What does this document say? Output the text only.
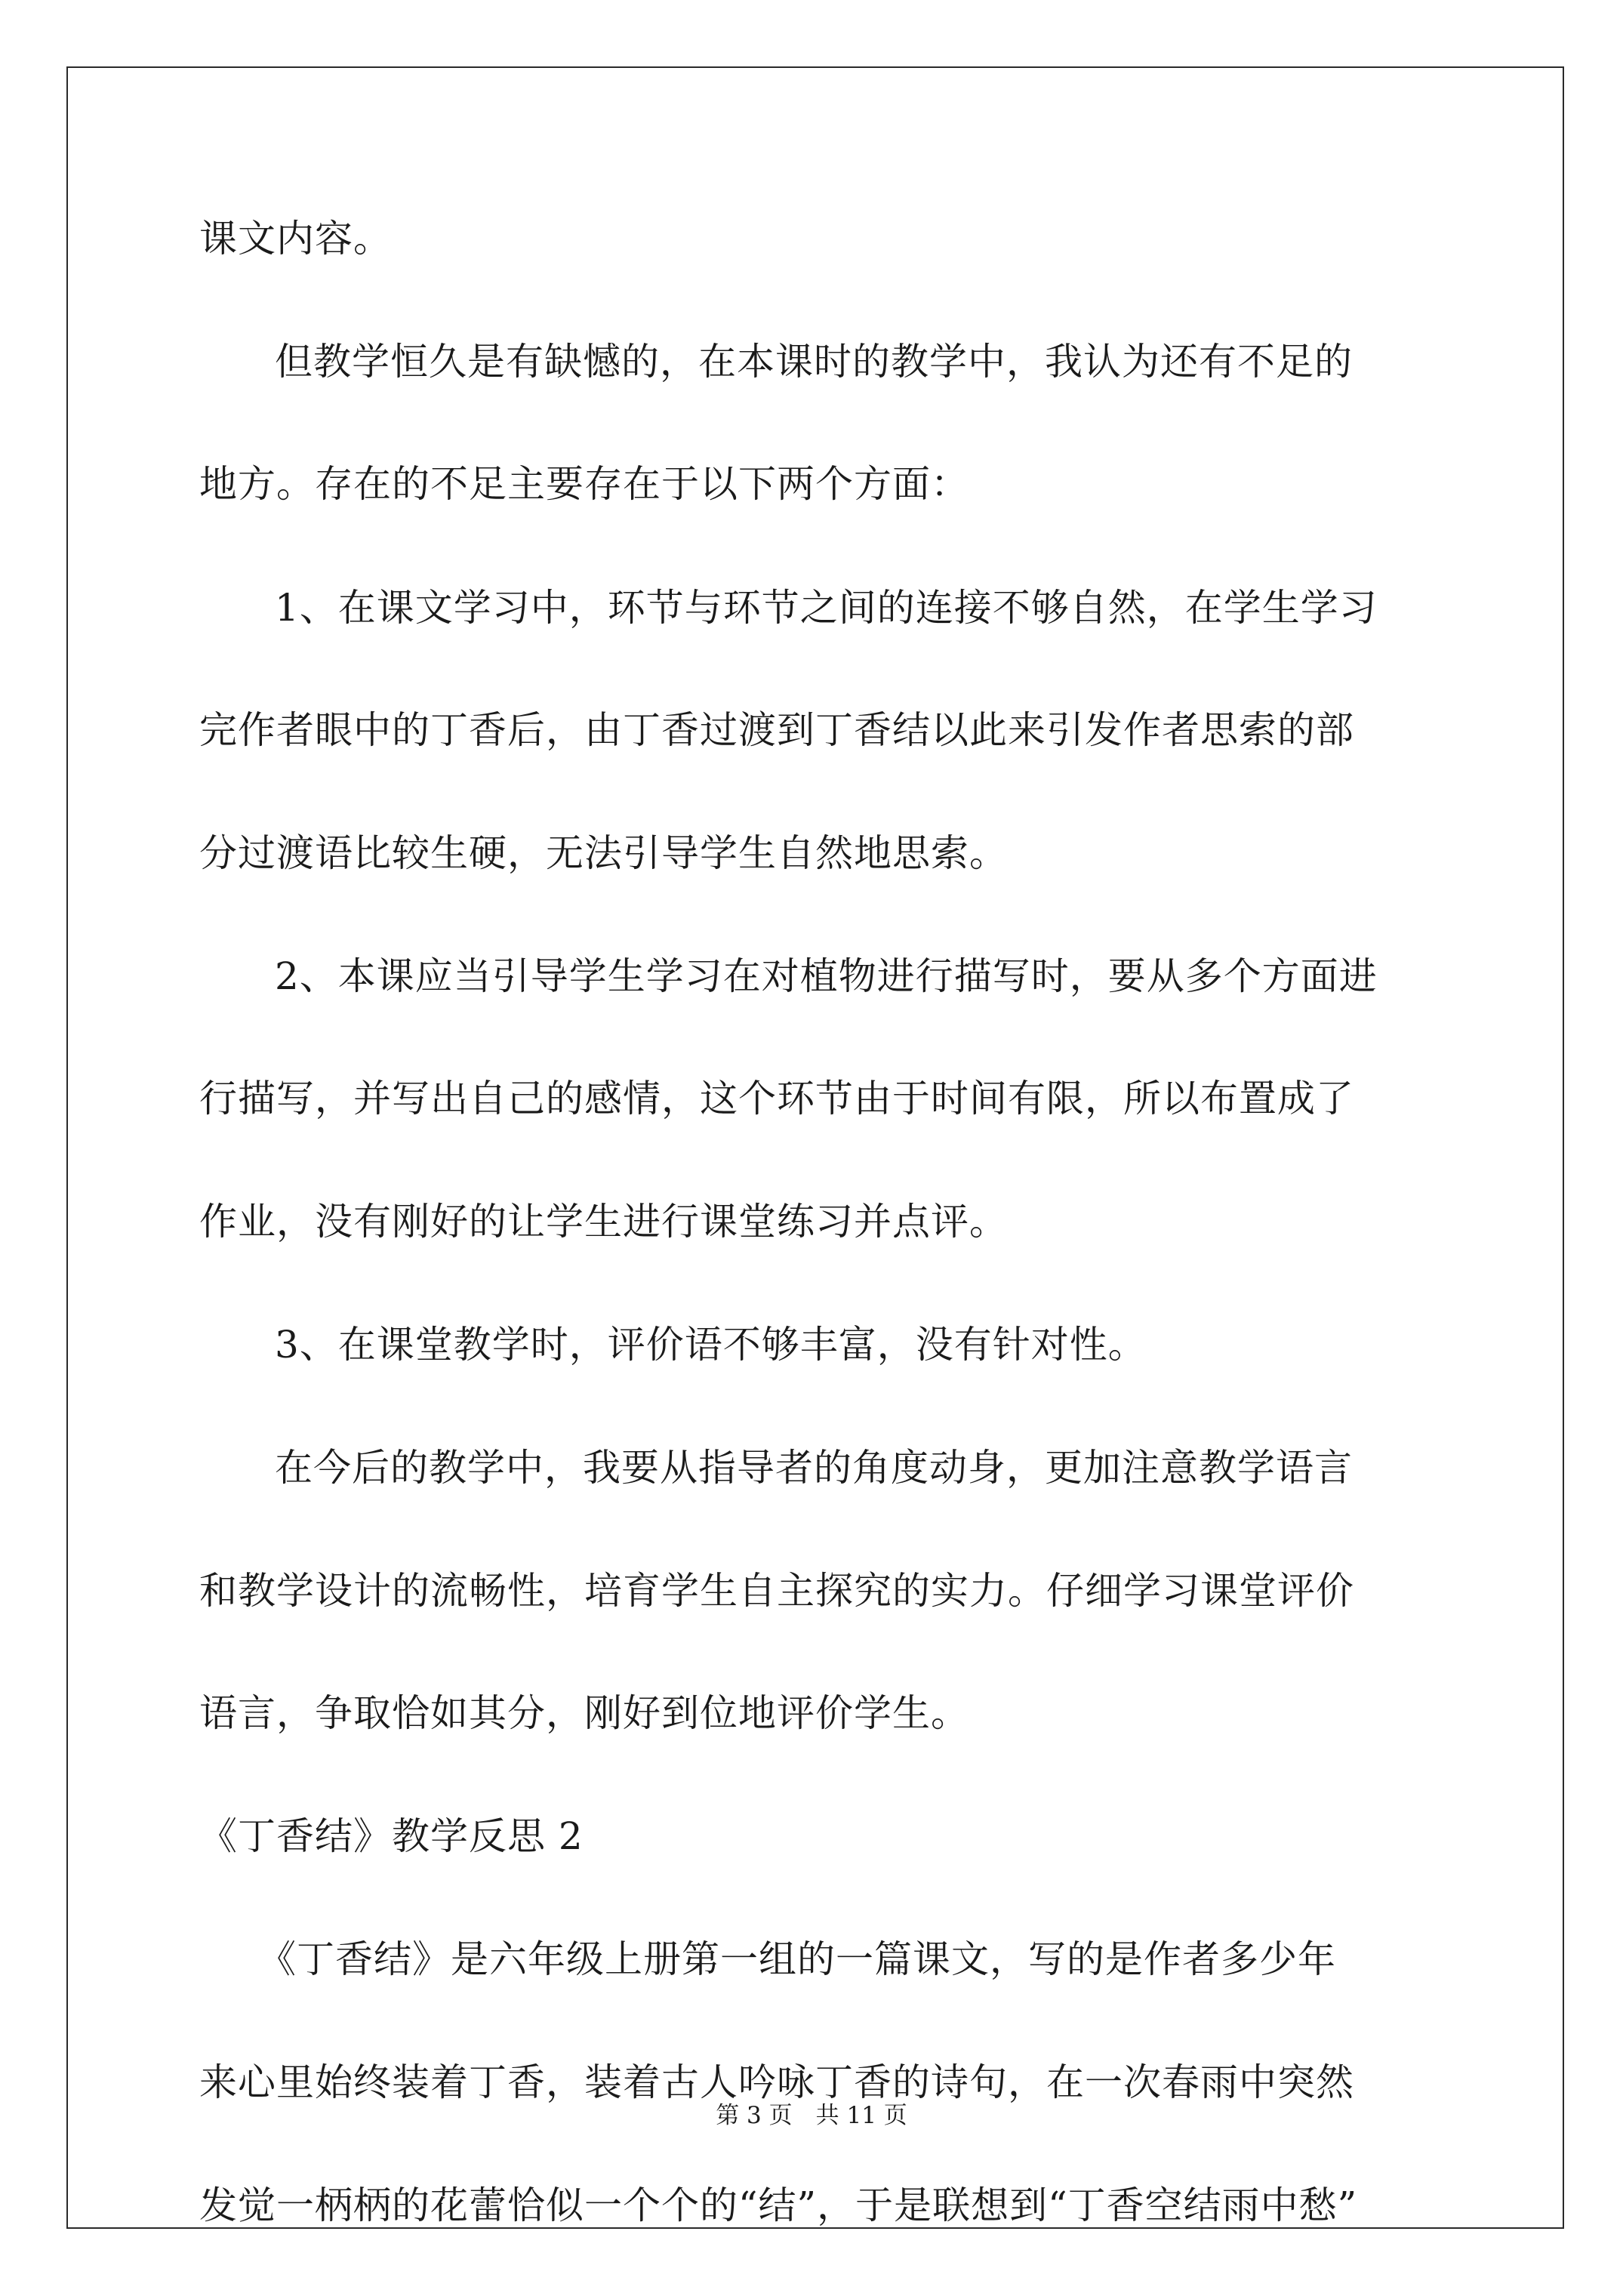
课文内容。
但教学恒久是有缺憾的，在本课时的教学中，我认为还有不足的
地方。存在的不足主要存在于以下两个方面：
1、在课文学习中，环节与环节之间的连接不够自然，在学生学习
完作者眼中的丁香后，由丁香过渡到丁香结以此来引发作者思索的部
分过渡语比较生硬，无法引导学生自然地思索。
2、本课应当引导学生学习在对植物进行描写时，要从多个方面进
行描写，并写出自己的感情，这个环节由于时间有限，所以布置成了
作业，没有刚好的让学生进行课堂练习并点评。
3、在课堂教学时，评价语不够丰富，没有针对性。
在今后的教学中，我要从指导者的角度动身，更加注意教学语言
和教学设计的流畅性，培育学生自主探究的实力。仔细学习课堂评价
语言，争取恰如其分，刚好到位地评价学生。
《丁香结》教学反思 2
《丁香结》是六年级上册第一组的一篇课文，写的是作者多少年
来心里始终装着丁香，装着古人吟咏丁香的诗句，在一次春雨中突然
发觉一柄柄的花蕾恰似一个个的“结”，于是联想到“丁香空结雨中愁”
第 3 页　共 11 页
